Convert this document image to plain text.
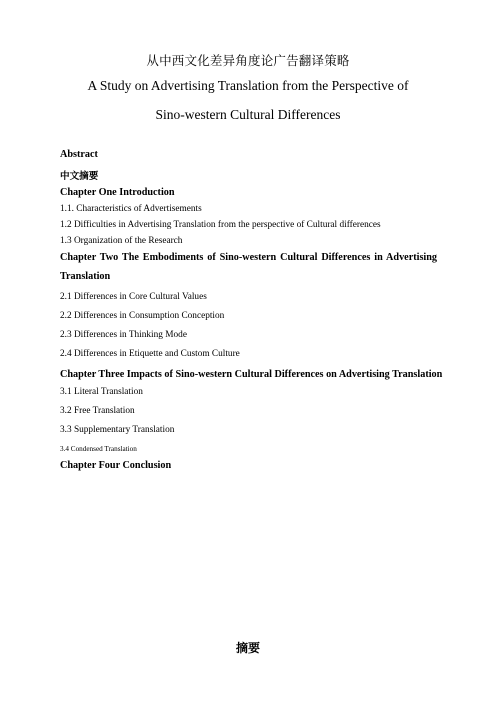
从中西文化差异角度论广告翻译策略
A Study on Advertising Translation from the Perspective of
Sino-western Cultural Differences
Abstract
中文摘要
Chapter One Introduction
1.1. Characteristics of Advertisements
1.2 Difficulties in Advertising Translation from the perspective of Cultural differences
1.3 Organization of the Research
Chapter Two The Embodiments of Sino-western Cultural Differences in Advertising
Translation
2.1 Differences in Core Cultural Values
2.2 Differences in Consumption Conception
2.3 Differences in Thinking Mode
2.4 Differences in Etiquette and Custom Culture
Chapter Three Impacts of Sino-western Cultural Differences on Advertising Translation
3.1 Literal Translation
3.2 Free Translation
3.3 Supplementary Translation
3.4 Condensed Translation
Chapter Four Conclusion
摘要
